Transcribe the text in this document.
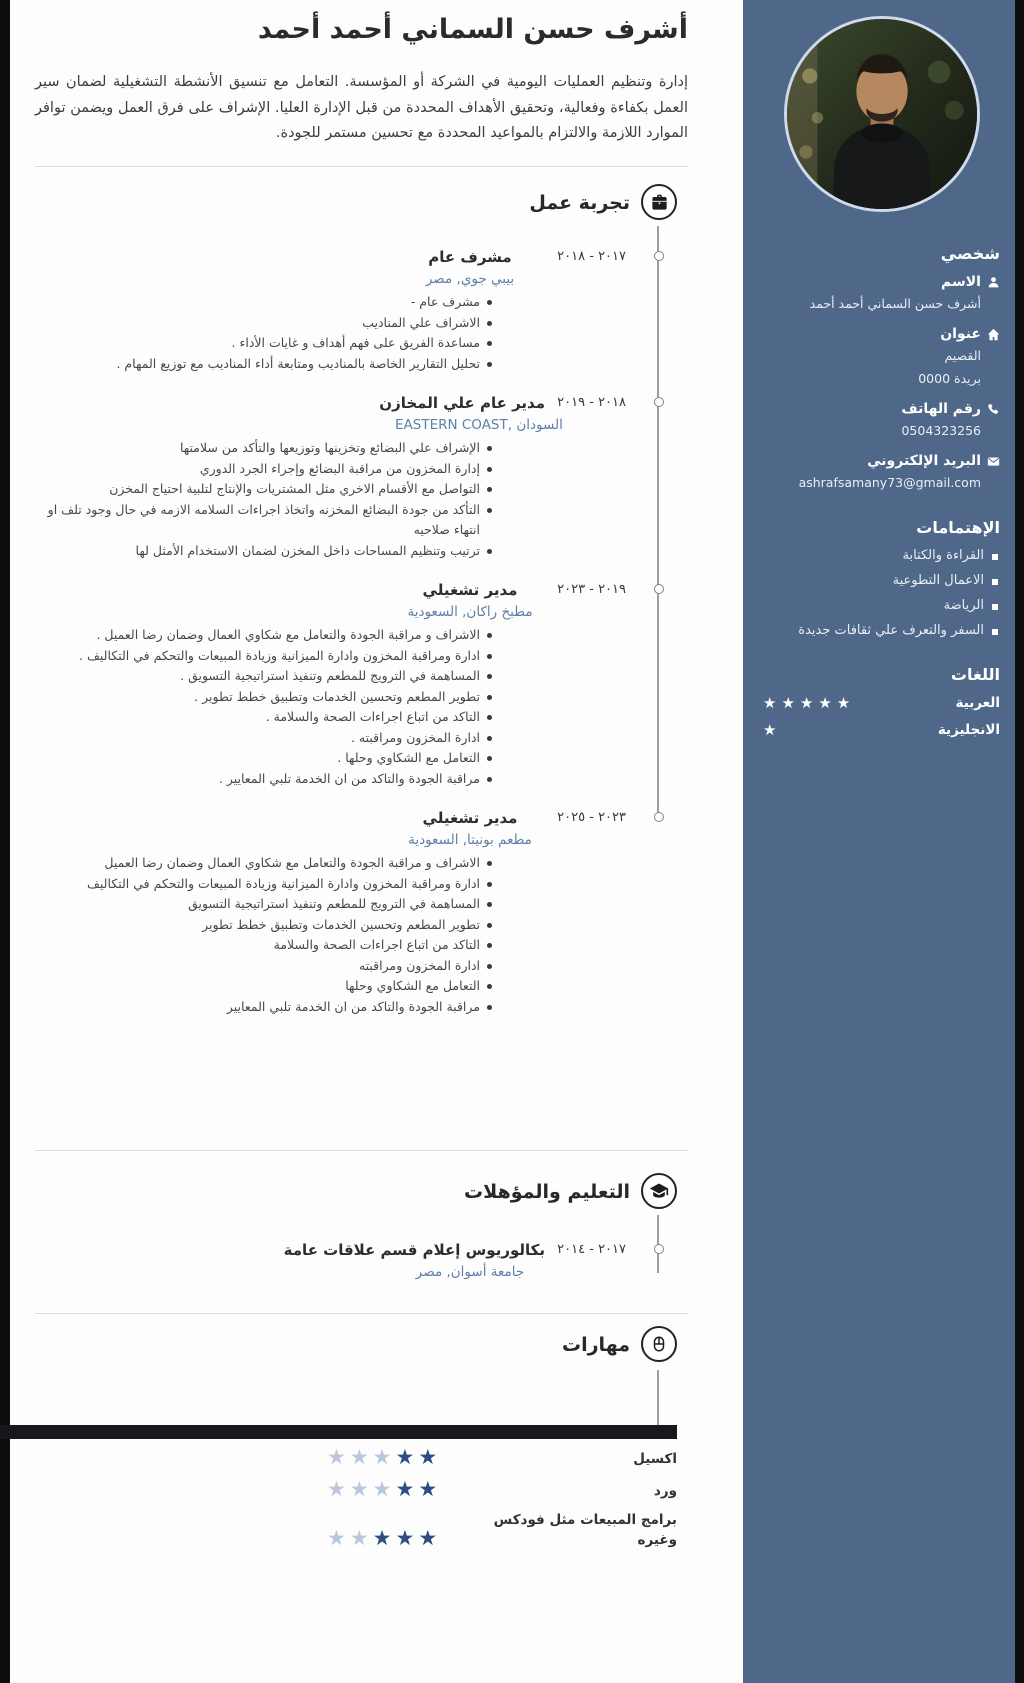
أشرف حسن السماني أحمد أحمد
إدارة وتنظيم العمليات اليومية في الشركة أو المؤسسة. التعامل مع تنسيق الأنشطة التشغيلية لضمان سير العمل بكفاءة وفعالية، وتحقيق الأهداف المحددة من قبل الإدارة العليا. الإشراف على فرق العمل ويضمن توافر الموارد اللازمة والالتزام بالمواعيد المحددة مع تحسين مستمر للجودة.
تجربة عمل
٢٠١٧ - ٢٠١٨
مشرف عام
بيبي جوي, مصر
مشرف عام -
الاشراف علي المناديب
مساعدة الفريق على فهم أهداف و غايات الأداء .
تحليل التقارير الخاصة بالمناديب ومتابعة أداء المناديب مع توزيع المهام .
٢٠١٨ - ٢٠١٩
مدير عام علي المخازن
EASTERN COAST, السودان
الإشراف علي البضائع وتخزينها وتوزيعها والتأكد من سلامتها
إدارة المخزون من مراقبة البضائع وإجراء الجرد الدوري
التواصل مع الأقسام الاخري مثل المشتريات والإنتاج لتلبية احتياج المخزن
التأكد من جودة البضائع المخزنه واتخاذ اجراءات السلامه الازمه في حال وجود تلف او انتهاء صلاحيه
ترتيب وتنظيم المساحات داخل المخزن لضمان الاستخدام الأمثل لها
٢٠١٩ - ٢٠٢٣
مدير تشغيلي
مطبخ راكان, السعودية
الاشراف و مراقبة الجودة والتعامل مع شكاوي العمال وضمان رضا العميل .
ادارة ومراقبة المخزون وادارة الميزانية وزيادة المبيعات والتحكم في التكاليف .
المساهمة في الترويج للمطعم وتنفيذ استراتيجية التسويق .
تطوير المطعم وتحسين الخدمات وتطبيق خطط تطوير .
التاكد من اتباع اجراءات الصحة والسلامة .
ادارة المخزون ومراقبته .
التعامل مع الشكاوي وحلها .
مراقبة الجودة والتاكد من ان الخدمة تلبي المعايير .
٢٠٢٣ - ٢٠٢٥
مدير تشغيلي
مطعم بونيتا, السعودية
الاشراف و مراقبة الجودة والتعامل مع شكاوي العمال وضمان رضا العميل
ادارة ومراقبة المخزون وادارة الميزانية وزيادة المبيعات والتحكم في التكاليف
المساهمة في الترويج للمطعم وتنفيذ استراتيجية التسويق
تطوير المطعم وتحسين الخدمات وتطبيق خطط تطوير
التاكد من اتباع اجراءات الصحة والسلامة
ادارة المخزون ومراقبته
التعامل مع الشكاوي وحلها
مراقبة الجودة والتاكد من ان الخدمة تلبي المعايير
التعليم والمؤهلات
٢٠١٧ - ٢٠١٤
بكالوريوس إعلام قسم علاقات عامة
جامعة أسوان, مصر
مهارات
اكسيل
★★★★★
ورد
★★★★★
برامج المبيعات مثل فودكس وغيره
★★★★★
شخصي
الاسم
أشرف حسن السماني أحمد أحمد
عنوان
القصيم
بريدة 0000
رقم الهاتف
0504323256
البريد الإلكتروني
ashrafsamany73@gmail.com
الإهتمامات
القراءة والكتابة
الاعمال التطوعية
الرياضة
السفر والتعرف علي ثقافات جديدة
اللغات
العربية
★★★★★
الانجليزية
★
